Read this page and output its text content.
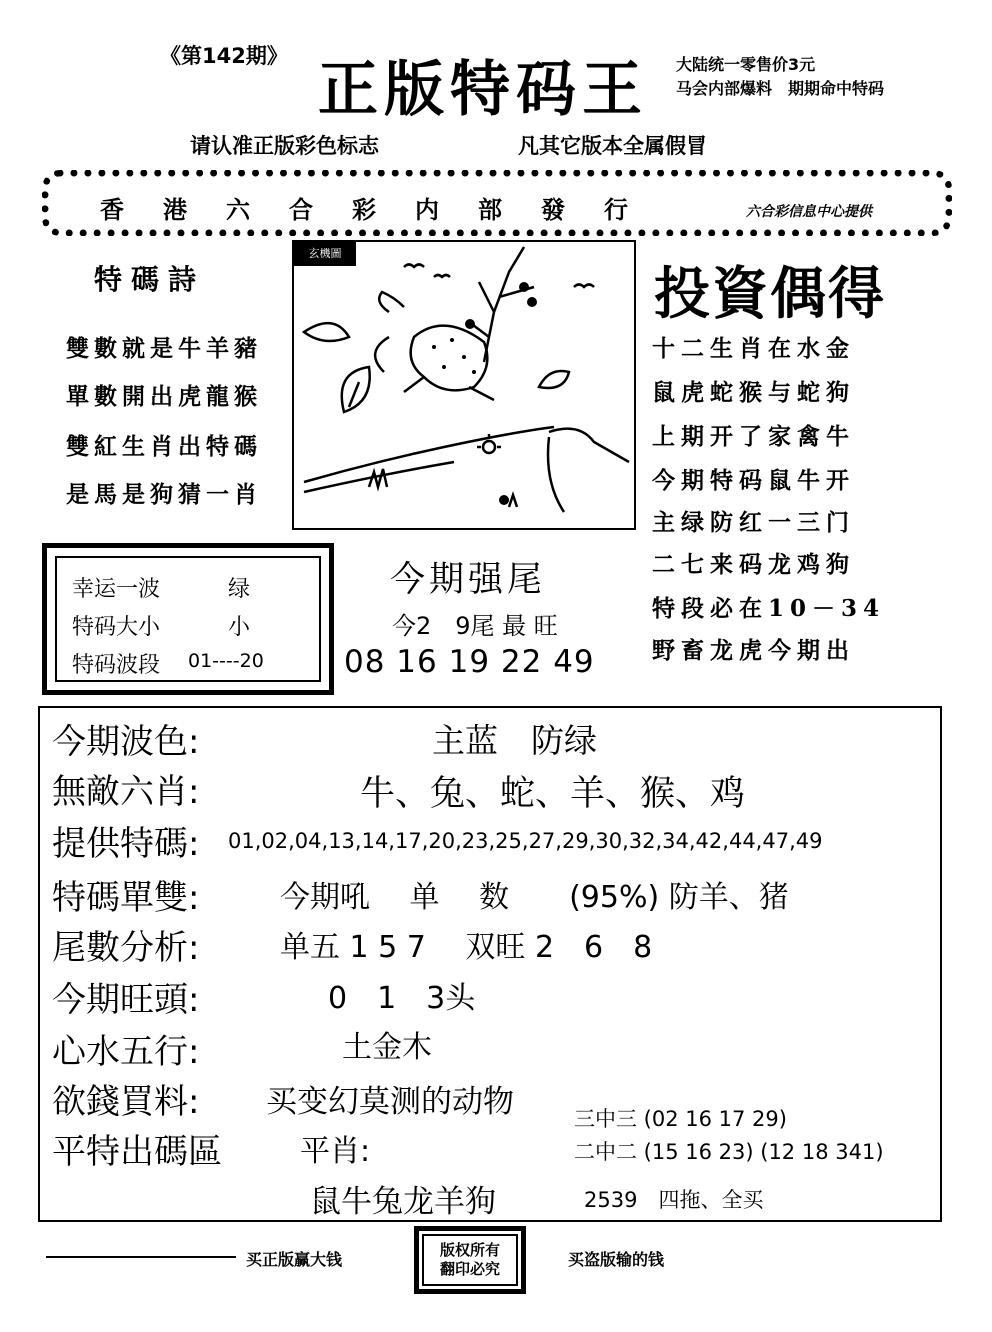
《第142期》 正版特码王 大陆统一零售价3元
马会内部爆料　期期命中特码
请认准正版彩色标志	凡其它版本全属假冒
香港六合彩内部發行	六合彩信息中心提供
特碼詩
雙數就是牛羊豬
單數開出虎龍猴
雙紅生肖出特碼
是馬是狗猜一肖
玄機圖
投資偶得
十二生肖在水金
鼠虎蛇猴与蛇狗
上期开了家禽牛
今期特码鼠牛开
主绿防红一三门
二七来码龙鸡狗
特段必在10－34
野畜龙虎今期出
幸运一波	绿
特码大小	小
特码波段 01----20
今期强尾
今2　9尾 最 旺
08 16 19 22 49
今期波色:	主蓝　防绿
無敵六肖:	牛、兔、蛇、羊、猴、鸡
提供特碼: 01,02,04,13,14,17,20,23,25,27,29,30,32,34,42,44,47,49
特碼單雙:	今期吼　 单　 数　　(95%) 防羊、猪
尾數分析:	单五 1 5 7　 双旺 2　6　8
今期旺頭:	0　1　3头
心水五行:	土金木
欲錢買料: 买变幻莫测的动物
平特出碼區	平肖:
鼠牛兔龙羊狗
三中三 (02 16 17 29)
二中二 (15 16 23) (12 18 341)
2539　四拖、全买
买正版赢大钱	版权所有
翻印必究	买盗版输的钱
